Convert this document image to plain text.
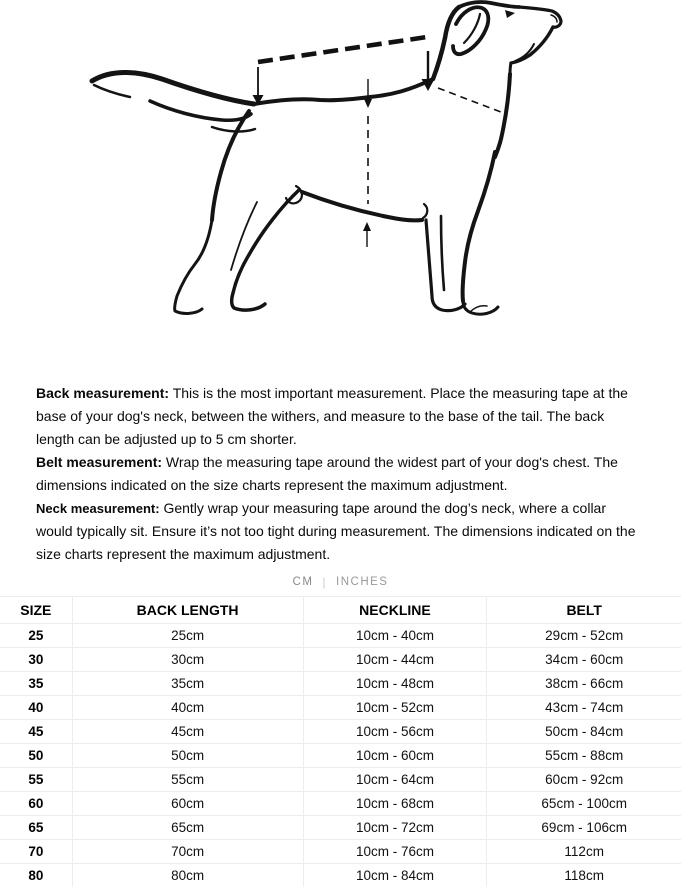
Back measurement: This is the most important measurement. Place the measuring tape at the base of your dog's neck, between the withers, and measure to the base of the tail. The back length can be adjusted up to 5 cm shorter.

Belt measurement: Wrap the measuring tape around the widest part of your dog's chest. The dimensions indicated on the size charts represent the maximum adjustment.

Neck measurement: Gently wrap your measuring tape around the dog’s neck, where a collar would typically sit. Ensure it’s not too tight during measurement. The dimensions indicated on the size charts represent the maximum adjustment.

CM | INCHES
SIZE	BACK LENGTH	NECKLINE	BELT
25	25cm	10cm - 40cm	29cm - 52cm
30	30cm	10cm - 44cm	34cm - 60cm
35	35cm	10cm - 48cm	38cm - 66cm
40	40cm	10cm - 52cm	43cm - 74cm
45	45cm	10cm - 56cm	50cm - 84cm
50	50cm	10cm - 60cm	55cm - 88cm
55	55cm	10cm - 64cm	60cm - 92cm
60	60cm	10cm - 68cm	65cm - 100cm
65	65cm	10cm - 72cm	69cm - 106cm
70	70cm	10cm - 76cm	112cm
80	80cm	10cm - 84cm	118cm
